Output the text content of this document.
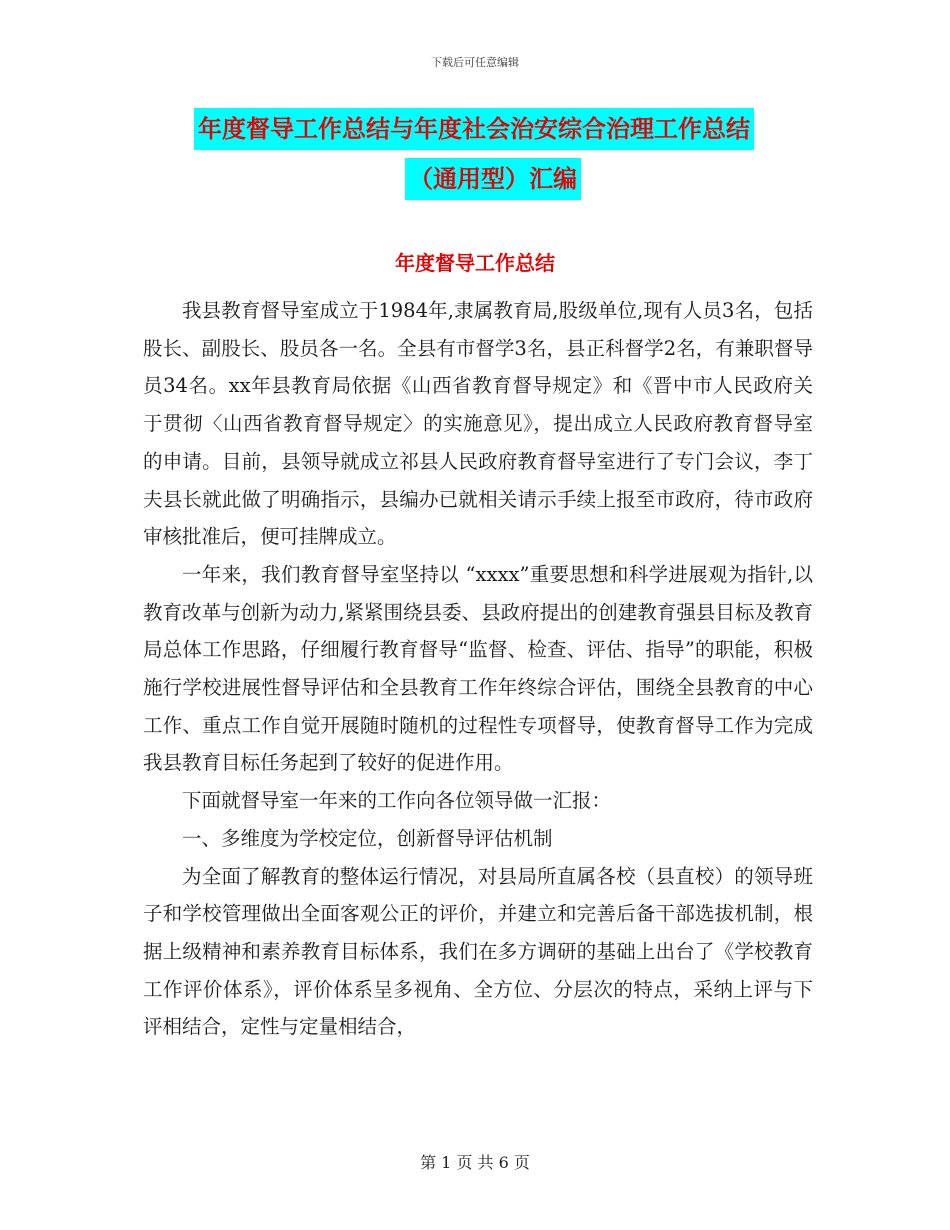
下载后可任意编辑
年度督导工作总结与年度社会治安综合治理工作总结
（通用型）汇编
年度督导工作总结

我县教育督导室成立于1984年,隶属教育局,股级单位,现有人员3名，包括股长、副股长、股员各一名。全县有市督学3名，县正科督学2名，有兼职督导员34名。xx年县教育局依据《山西省教育督导规定》和《晋中市人民政府关于贯彻〈山西省教育督导规定〉的实施意见》，提出成立人民政府教育督导室的申请。目前，县领导就成立祁县人民政府教育督导室进行了专门会议，李丁夫县长就此做了明确指示，县编办已就相关请示手续上报至市政府，待市政府审核批准后，便可挂牌成立。

一年来，我们教育督导室坚持以 “xxxx”重要思想和科学进展观为指针,以教育改革与创新为动力,紧紧围绕县委、县政府提出的创建教育强县目标及教育局总体工作思路，仔细履行教育督导“监督、检查、评估、指导”的职能，积极施行学校进展性督导评估和全县教育工作年终综合评估，围绕全县教育的中心工作、重点工作自觉开展随时随机的过程性专项督导，使教育督导工作为完成我县教育目标任务起到了较好的促进作用。

下面就督导室一年来的工作向各位领导做一汇报：

一、多维度为学校定位，创新督导评估机制

为全面了解教育的整体运行情况，对县局所直属各校（县直校）的领导班子和学校管理做出全面客观公正的评价，并建立和完善后备干部选拔机制，根据上级精神和素养教育目标体系，我们在多方调研的基础上出台了《学校教育工作评价体系》，评价体系呈多视角、全方位、分层次的特点，采纳上评与下评相结合，定性与定量相结合，

第 1 页 共 6 页
